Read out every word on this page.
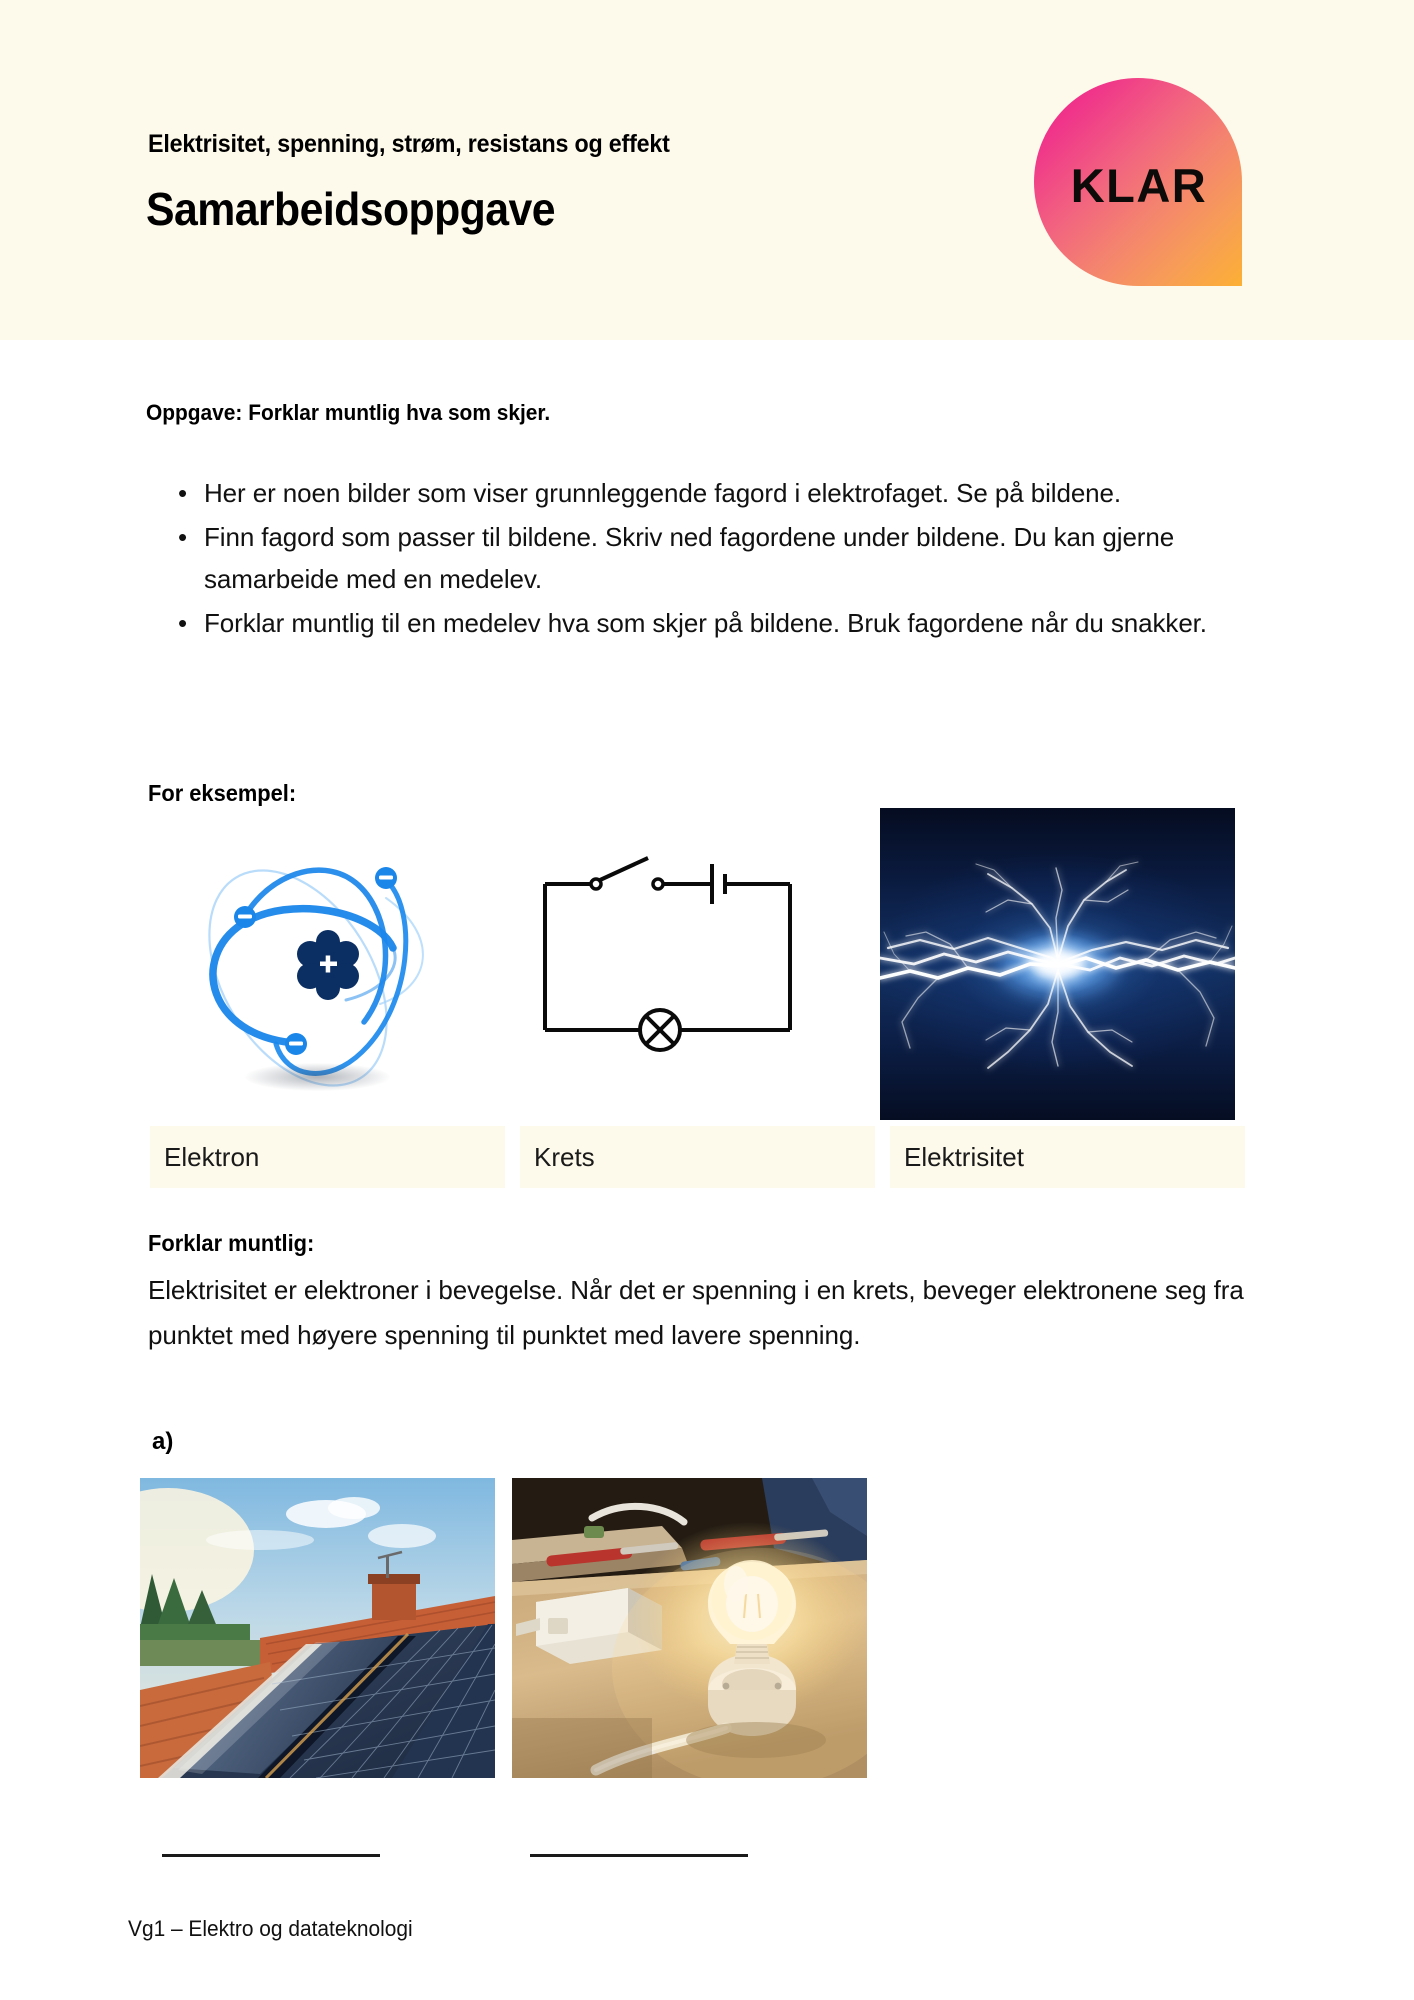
Elektrisitet, spenning, strøm, resistans og effekt
Samarbeidsoppgave	KLAR
Oppgave: Forklar muntlig hva som skjer.
• Her er noen bilder som viser grunnleggende fagord i elektrofaget. Se på bildene.
• Finn fagord som passer til bildene. Skriv ned fagordene under bildene. Du kan gjerne samarbeide med en medelev.
• Forklar muntlig til en medelev hva som skjer på bildene. Bruk fagordene når du snakker.
For eksempel:
Elektron	Krets	Elektrisitet
Forklar muntlig:
Elektrisitet er elektroner i bevegelse. Når det er spenning i en krets, beveger elektronene seg fra punktet med høyere spenning til punktet med lavere spenning.
a)
Vg1 – Elektro og datateknologi
